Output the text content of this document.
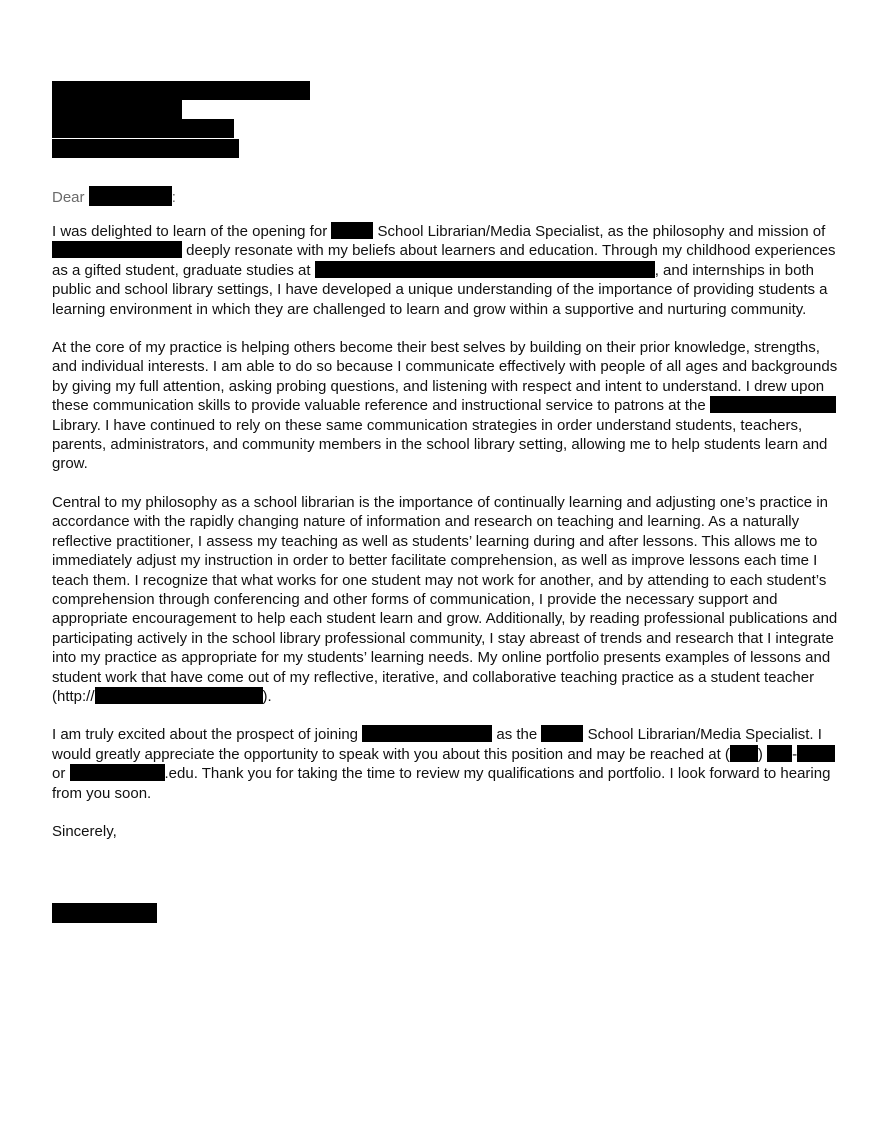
Dear	:

I was delighted to learn of the opening for	School Librarian/Media Specialist, as the philosophy and mission of  deeply resonate with my beliefs about learners and education. Through my childhood experiences as a gifted student, graduate studies at	, and internships in both public and school library settings, I have developed a unique understanding of the importance of providing students a learning environment in which they are challenged to learn and grow within a supportive and nurturing community.

At the core of my practice is helping others become their best selves by building on their prior knowledge, strengths, and individual interests. I am able to do so because I communicate effectively with people of all ages and backgrounds by giving my full attention, asking probing questions, and listening with respect and intent to understand. I drew upon these communication skills to provide valuable reference and instructional service to patrons at the  Library. I have continued to rely on these same communication strategies in order understand students, teachers, parents, administrators, and community members in the school library setting, allowing me to help students learn and grow.

Central to my philosophy as a school librarian is the importance of continually learning and adjusting one’s practice in accordance with the rapidly changing nature of information and research on teaching and learning. As a naturally reflective practitioner, I assess my teaching as well as students’ learning during and after lessons. This allows me to immediately adjust my instruction in order to better facilitate comprehension, as well as improve lessons each time I teach them. I recognize that what works for one student may not work for another, and by attending to each student’s comprehension through conferencing and other forms of communication, I provide the necessary support and appropriate encouragement to help each student learn and grow. Additionally, by reading professional publications and participating actively in the school library professional community, I stay abreast of trends and research that I integrate into my practice as appropriate for my students’ learning needs. My online portfolio presents examples of lessons and student work that have come out of my reflective, iterative, and collaborative teaching practice as a student teacher (http://	).

I am truly excited about the prospect of joining	as the	School Librarian/Media Specialist. I would greatly appreciate the opportunity to speak with you about this position and may be reached at ( ) - or	.edu. Thank you for taking the time to review my qualifications and portfolio. I look forward to hearing from you soon.

Sincerely,
